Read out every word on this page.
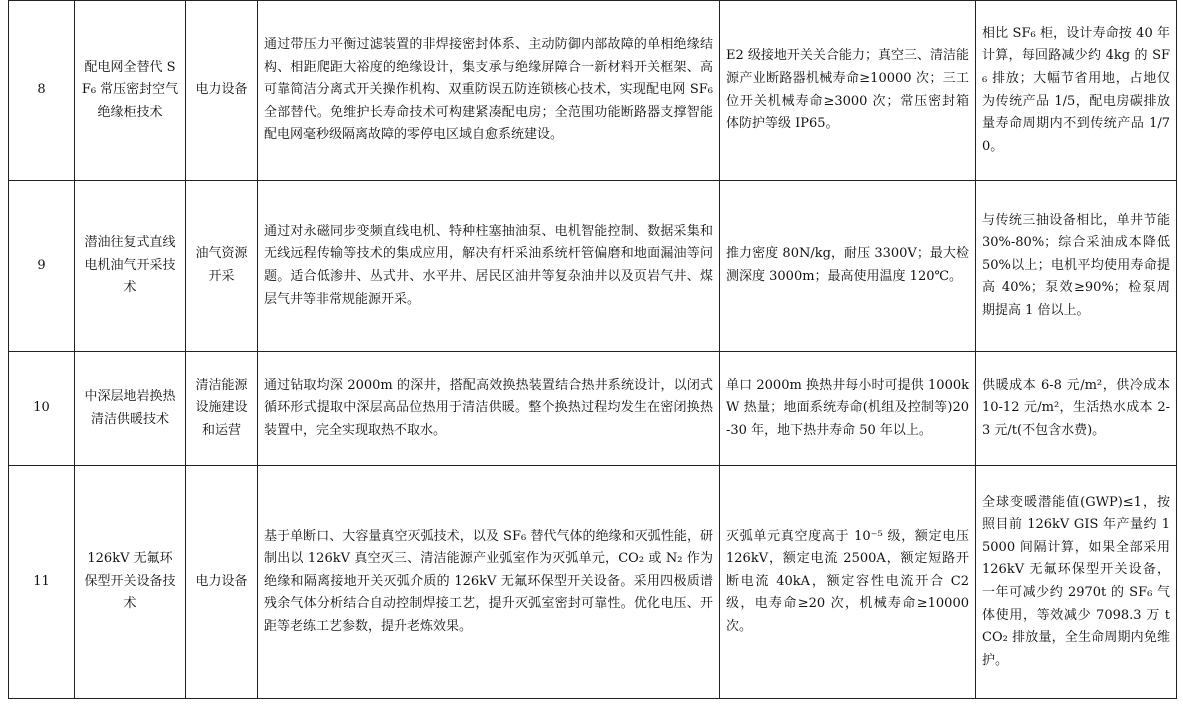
8	配电网全替代 SF₆ 常压密封空气绝缘柜技术	电力设备	通过带压力平衡过滤装置的非焊接密封体系、主动防御内部故障的单相绝缘结构、相距爬距大裕度的绝缘设计，集支承与绝缘屏障合一新材料开关框架、高可靠简洁分离式开关操作机构、双重防误五防连锁核心技术，实现配电网 SF₆ 全部替代。免维护长寿命技术可构建紧凑配电房；全范围功能断路器支撑智能配电网毫秒级隔离故障的零停电区域自愈系统建设。	E2 级接地开关关合能力；真空三、清洁能源产业断路器机械寿命≥10000 次；三工位开关机械寿命≥3000 次；常压密封箱体防护等级 IP65。	相比 SF₆ 柜，设计寿命按 40 年计算，每回路减少约 4kg 的 SF₆ 排放；大幅节省用地，占地仅为传统产品 1/5，配电房碳排放量寿命周期内不到传统产品 1/70。
9	潜油往复式直线电机油气开采技术	油气资源开采	通过对永磁同步变频直线电机、特种柱塞抽油泵、电机智能控制、数据采集和无线远程传输等技术的集成应用，解决有杆采油系统杆管偏磨和地面漏油等问题。适合低渗井、丛式井、水平井、居民区油井等复杂油井以及页岩气井、煤层气井等非常规能源开采。	推力密度 80N/kg，耐压 3300V；最大检测深度 3000m；最高使用温度 120℃。	与传统三抽设备相比，单井节能 30%-80%；综合采油成本降低 50%以上；电机平均使用寿命提高 40%；泵效≥90%；检泵周期提高 1 倍以上。
10	中深层地岩换热清洁供暖技术	清洁能源设施建设和运营	通过钻取均深 2000m 的深井，搭配高效换热装置结合热井系统设计，以闭式循环形式提取中深层高品位热用于清洁供暖。整个换热过程均发生在密闭换热装置中，完全实现取热不取水。	单口 2000m 换热井每小时可提供 1000kW 热量；地面系统寿命(机组及控制等)20-30 年，地下热井寿命 50 年以上。	供暖成本 6-8 元/m²，供冷成本 10-12 元/m²，生活热水成本 2-3 元/t(不包含水费)。
11	126kV 无氟环保型开关设备技术	电力设备	基于单断口、大容量真空灭弧技术，以及 SF₆ 替代气体的绝缘和灭弧性能，研制出以 126kV 真空灭三、清洁能源产业弧室作为灭弧单元，CO₂ 或 N₂ 作为绝缘和隔离接地开关灭弧介质的 126kV 无氟环保型开关设备。采用四极质谱残余气体分析结合自动控制焊接工艺，提升灭弧室密封可靠性。优化电压、开距等老练工艺参数，提升老炼效果。	灭弧单元真空度高于 10⁻⁵ 级，额定电压 126kV，额定电流 2500A，额定短路开断电流 40kA，额定容性电流开合 C2 级，电寿命≥20 次，机械寿命≥10000 次。	全球变暖潜能值(GWP)≤1，按照目前 126kV GIS 年产量约 15000 间隔计算，如果全部采用 126kV 无氟环保型开关设备，一年可减少约 2970t 的 SF₆ 气体使用，等效减少 7098.3 万 t CO₂ 排放量，全生命周期内免维护。
